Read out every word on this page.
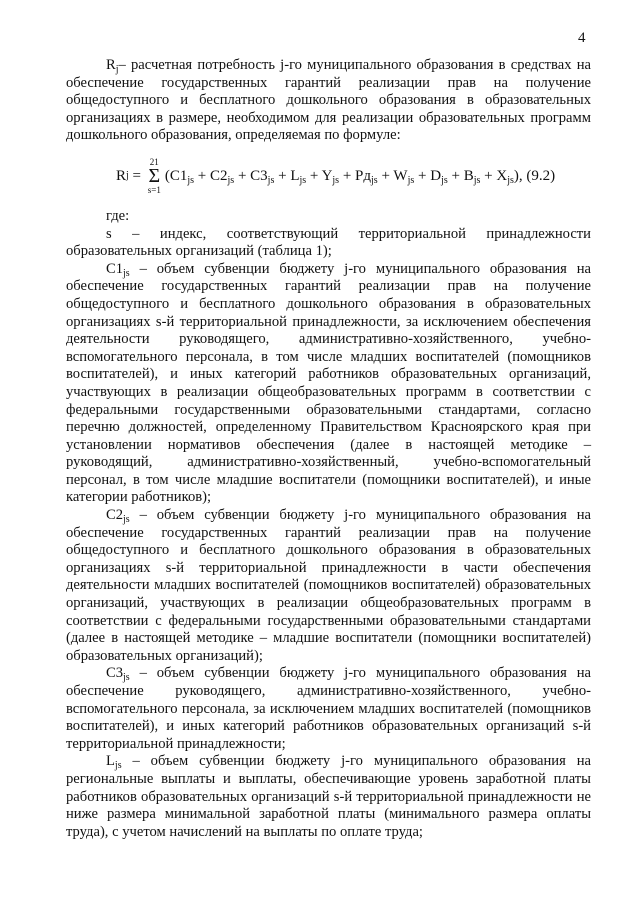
4

$R_j-$ расчетная потребность j-го муниципального образования в средствах на обеспечение государственных гарантий реализации прав на получение общедоступного и бесплатного дошкольного образования в образовательных организациях в размере, необходимом для реализации образовательных программ дошкольного образования, определяемая по формуле:

R j =
21
Σ
s=1
( $C1_{js} + C2_{js} + C3_{js} + L_{js} + Y_{js} + Pд_{js} + W_{js} + D_{js} + B_{js} + X_{js}$ ), (9.2)

где:

s – индекс, соответствующий территориальной принадлежности образовательных организаций (таблица 1);

$C1_{js}$ – объем субвенции бюджету j-го муниципального образования на обеспечение государственных гарантий реализации прав на получение общедоступного и бесплатного дошкольного образования в образовательных организациях s-й территориальной принадлежности, за исключением обеспечения деятельности руководящего, административно-хозяйственного, учебно-вспомогательного персонала, в том числе младших воспитателей (помощников воспитателей), и иных категорий работников образовательных организаций, участвующих в реализации общеобразовательных программ в соответствии с федеральными государственными образовательными стандартами, согласно перечню должностей, определенному Правительством Красноярского края при установлении нормативов обеспечения (далее в настоящей методике – руководящий, административно-хозяйственный, учебно-вспомогательный персонал, в том числе младшие воспитатели (помощники воспитателей), и иные категории работников);

$C2_{js}$ – объем субвенции бюджету j-го муниципального образования на обеспечение государственных гарантий реализации прав на получение общедоступного и бесплатного дошкольного образования в образовательных организациях s-й территориальной принадлежности в части обеспечения деятельности младших воспитателей (помощников воспитателей) образовательных организаций, участвующих в реализации общеобразовательных программ в соответствии с федеральными государственными образовательными стандартами (далее в настоящей методике – младшие воспитатели (помощники воспитателей) образовательных организаций);

$C3_{js}$ – объем субвенции бюджету j-го муниципального образования на обеспечение руководящего, административно-хозяйственного, учебно-вспомогательного персонала, за исключением младших воспитателей (помощников воспитателей), и иных категорий работников образовательных организаций s-й территориальной принадлежности;

$L_{js}$ – объем субвенции бюджету j-го муниципального образования на региональные выплаты и выплаты, обеспечивающие уровень заработной платы работников образовательных организаций s-й территориальной принадлежности не ниже размера минимальной заработной платы (минимального размера оплаты труда), с учетом начислений на выплаты по оплате труда;
